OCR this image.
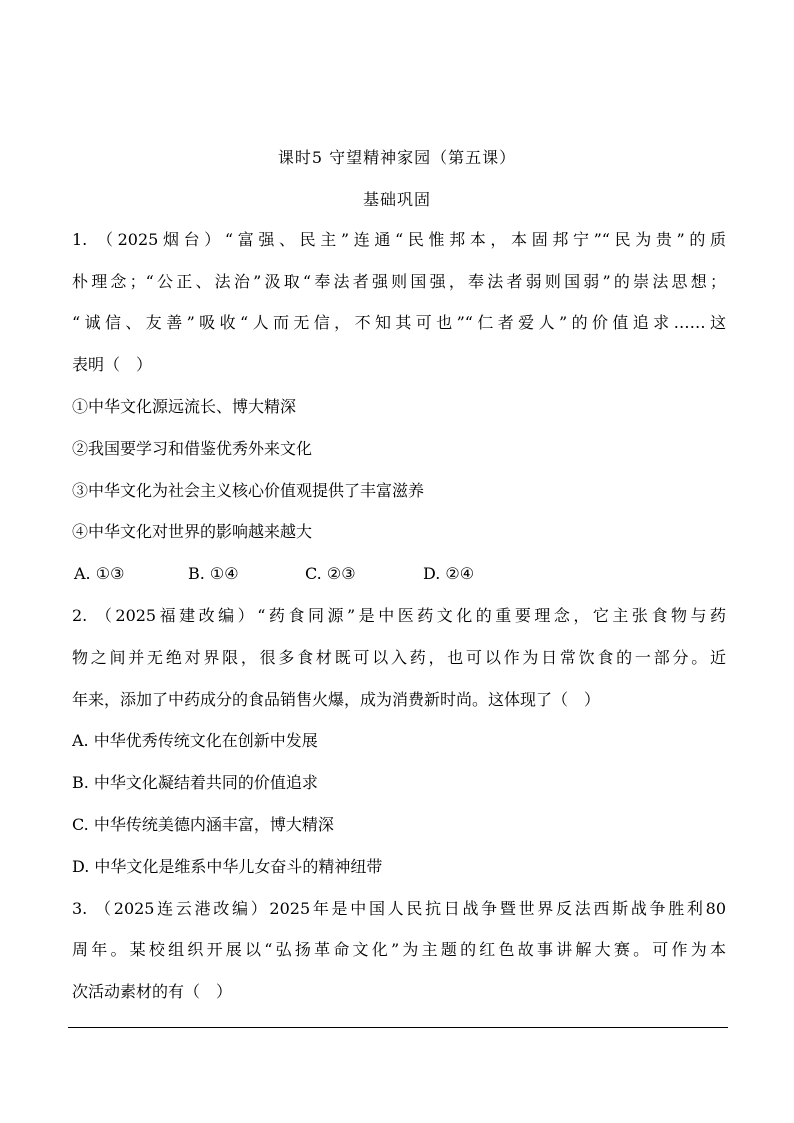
课时5 守望精神家园（第五课）
基础巩固
1. （2025烟台）“富强、民主”连通“民惟邦本，本固邦宁”“民为贵”的质
朴理念；“公正、法治”汲取“奉法者强则国强，奉法者弱则国弱”的崇法思想；
“诚信、友善”吸收“人而无信，不知其可也”“仁者爱人”的价值追求……这
表明（　）
①中华文化源远流长、博大精深
②我国要学习和借鉴优秀外来文化
③中华文化为社会主义核心价值观提供了丰富滋养
④中华文化对世界的影响越来越大
A. ①③	B. ①④	C. ②③	D. ②④
2. （2025福建改编）“药食同源”是中医药文化的重要理念，它主张食物与药
物之间并无绝对界限，很多食材既可以入药，也可以作为日常饮食的一部分。近
年来，添加了中药成分的食品销售火爆，成为消费新时尚。这体现了（　）
A. 中华优秀传统文化在创新中发展
B. 中华文化凝结着共同的价值追求
C. 中华传统美德内涵丰富，博大精深
D. 中华文化是维系中华儿女奋斗的精神纽带
3. （2025连云港改编）2025年是中国人民抗日战争暨世界反法西斯战争胜利80
周年。某校组织开展以“弘扬革命文化”为主题的红色故事讲解大赛。可作为本
次活动素材的有（　）
